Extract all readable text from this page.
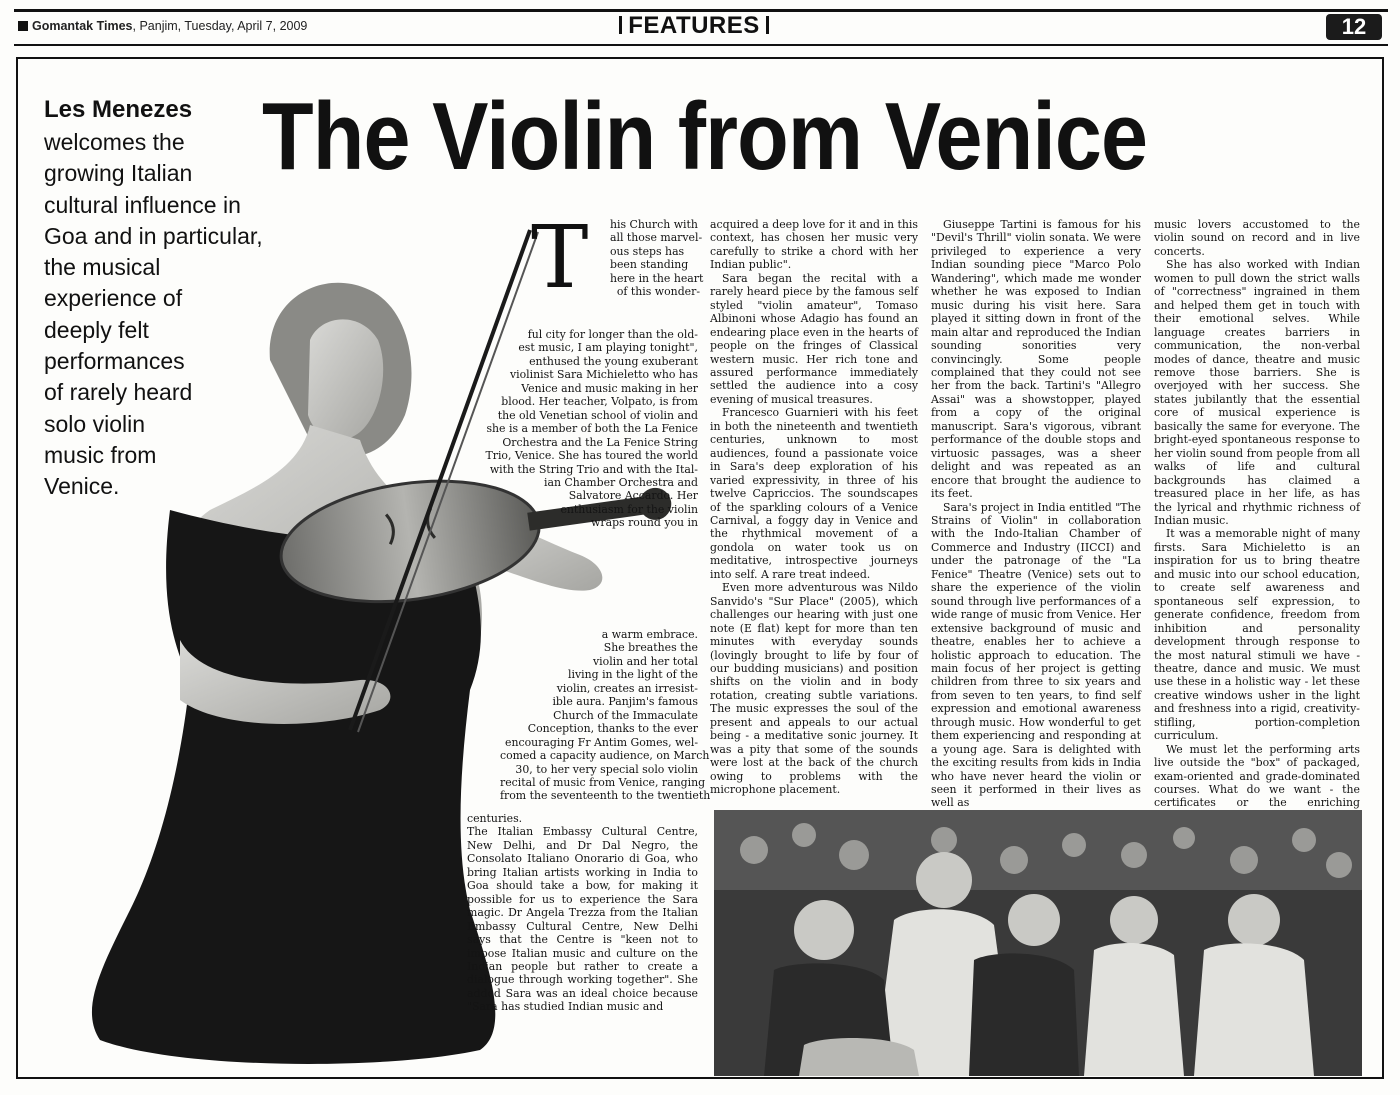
Gomantak Times , Panjim, Tuesday, April 7, 2009	FEATURES	12
The Violin from Venice
Les Menezes
welcomes the
growing Italian
cultural influence in
Goa and in particular,
the musical
experience of
deeply felt
performances
of rarely heard
solo violin
music from
Venice.
T his Church with
all those marvel-
ous steps has
been standing
here in the heart
of this wonder-
ful city for longer than the old-
est music, I am playing tonight",
enthused the young exuberant
violinist Sara Michieletto who has
Venice and music making in her
blood. Her teacher, Volpato, is from
the old Venetian school of violin and
she is a member of both the La Fenice
Orchestra and the La Fenice String
Trio, Venice. She has toured the world
with the String Trio and with the Ital-
ian Chamber Orchestra and
Salvatore Accardo. Her
enthusiasm for the violin
wraps round you in
a warm embrace.
She breathes the
violin and her total
living in the light of the
violin, creates an irresist-
ible aura. Panjim's famous
Church of the Immaculate
Conception, thanks to the ever
encouraging Fr Antim Gomes, wel-
comed a capacity audience, on March
30, to her very special solo violin
recital of music from Venice, ranging
from the seventeenth to the twentieth

centuries.
The Italian Embassy Cultural Centre, New Delhi, and Dr Dal Negro, the Consolato Italiano Onorario di Goa, who bring Italian artists working in India to Goa should take a bow, for making it possible for us to experience the Sara magic. Dr Angela Trezza from the Italian Embassy Cultural Centre, New Delhi says that the Centre is "keen not to impose Italian music and culture on the Indian people but rather to create a dialogue through working together". She added Sara was an ideal choice because "Sara has studied Indian music and

acquired a deep love for it and in this context, has chosen her music very carefully to strike a chord with her Indian public".

Sara began the recital with a rarely heard piece by the famous self styled "violin amateur", Tomaso Albinoni whose Adagio has found an endearing place even in the hearts of people on the fringes of Classical western music. Her rich tone and assured performance immediately settled the audience into a cosy evening of musical treasures.

Francesco Guarnieri with his feet in both the nineteenth and twentieth centuries, unknown to most audiences, found a passionate voice in Sara's deep exploration of his varied expressivity, in three of his twelve Capriccios. The soundscapes of the sparkling colours of a Venice Carnival, a foggy day in Venice and the rhythmical movement of a gondola on water took us on meditative, introspective journeys into self. A rare treat indeed.

Even more adventurous was Nildo Sanvido's "Sur Place" (2005), which challenges our hearing with just one note (E flat) kept for more than ten minutes with everyday sounds (lovingly brought to life by four of our budding musicians) and position shifts on the violin and in body rotation, creating subtle variations. The music expresses the soul of the present and appeals to our actual being - a meditative sonic journey. It was a pity that some of the sounds were lost at the back of the church owing to problems with the microphone placement.

Giuseppe Tartini is famous for his "Devil's Thrill" violin sonata. We were privileged to experience a very Indian sounding piece "Marco Polo Wandering", which made me wonder whether he was exposed to Indian music during his visit here. Sara played it sitting down in front of the main altar and reproduced the Indian sounding sonorities very convincingly. Some people complained that they could not see her from the back. Tartini's "Allegro Assai" was a showstopper, played from a copy of the original manuscript. Sara's vigorous, vibrant performance of the double stops and virtuosic passages, was a sheer delight and was repeated as an encore that brought the audience to its feet.

Sara's project in India entitled "The Strains of Violin" in collaboration with the Indo-Italian Chamber of Commerce and Industry (IICCI) and under the patronage of the "La Fenice" Theatre (Venice) sets out to share the experience of the violin sound through live performances of a wide range of music from Venice. Her extensive background of music and theatre, enables her to achieve a holistic approach to education. The main focus of her project is getting children from three to six years and from seven to ten years, to find self expression and emotional awareness through music. How wonderful to get them experiencing and responding at a young age. Sara is delighted with the exciting results from kids in India who have never heard the violin or seen it performed in their lives as well as

music lovers accustomed to the violin sound on record and in live concerts.

She has also worked with Indian women to pull down the strict walls of "correctness" ingrained in them and helped them get in touch with their emotional selves. While language creates barriers in communication, the non-verbal modes of dance, theatre and music remove those barriers. She is overjoyed with her success. She states jubilantly that the essential core of musical experience is basically the same for everyone. The bright-eyed spontaneous response to her violin sound from people from all walks of life and cultural backgrounds has claimed a treasured place in her life, as has the lyrical and rhythmic richness of Indian music.

It was a memorable night of many firsts. Sara Michieletto is an inspiration for us to bring theatre and music into our school education, to create self awareness and spontaneous self expression, to generate confidence, freedom from inhibition and personality development through response to the most natural stimuli we have - theatre, dance and music. We must use these in a holistic way - let these creative windows usher in the light and freshness into a rigid, creativity-stifling, portion-completion curriculum.

We must let the performing arts live outside the "box" of packaged, exam-oriented and grade-dominated courses. What do we want - the certificates or the enriching
